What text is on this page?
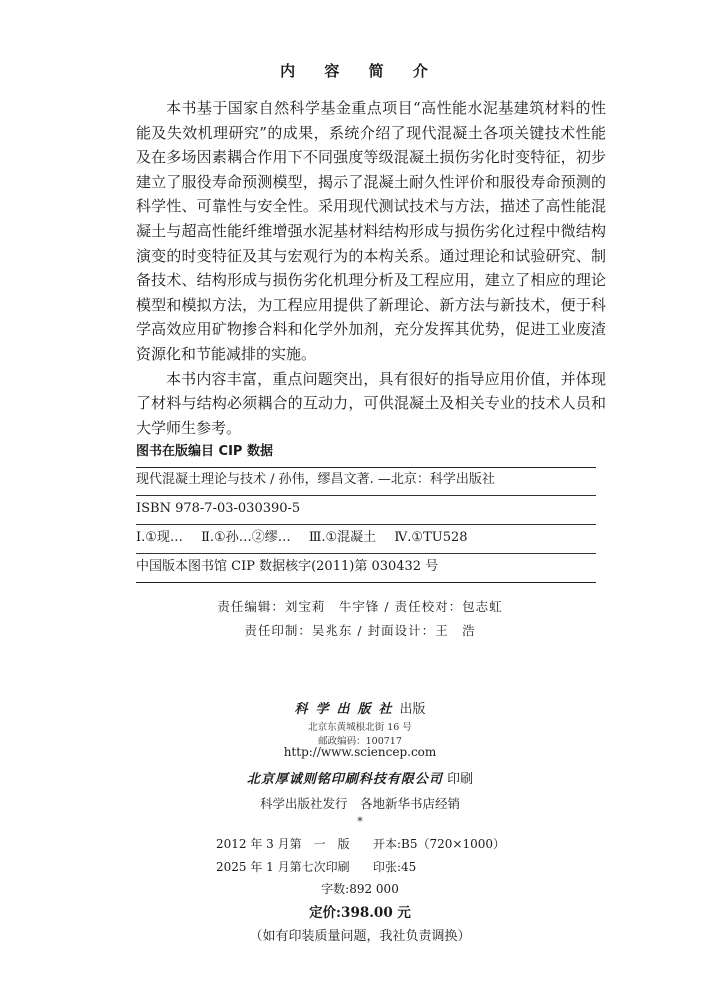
内 容 简 介

本书基于国家自然科学基金重点项目“高性能水泥基建筑材料的性能及失效机理研究”的成果，系统介绍了现代混凝土各项关键技术性能及在多场因素耦合作用下不同强度等级混凝土损伤劣化时变特征，初步建立了服役寿命预测模型，揭示了混凝土耐久性评价和服役寿命预测的科学性、可靠性与安全性。采用现代测试技术与方法，描述了高性能混凝土与超高性能纤维增强水泥基材料结构形成与损伤劣化过程中微结构演变的时变特征及其与宏观行为的本构关系。通过理论和试验研究、制备技术、结构形成与损伤劣化机理分析及工程应用，建立了相应的理论模型和模拟方法，为工程应用提供了新理论、新方法与新技术，便于科学高效应用矿物掺合料和化学外加剂，充分发挥其优势，促进工业废渣资源化和节能减排的实施。

本书内容丰富，重点问题突出，具有很好的指导应用价值，并体现了材料与结构必须耦合的互动力，可供混凝土及相关专业的技术人员和大学师生参考。

图书在版编目 CIP 数据
现代混凝土理论与技术 / 孙伟，缪昌文著. —北京：科学出版社
ISBN 978-7-03-030390-5
Ⅰ.①现… Ⅱ.①孙…②缪… Ⅲ.①混凝土 Ⅳ.①TU528
中国版本图书馆 CIP 数据核字(2011)第 030432 号
责任编辑：刘宝莉　牛宇锋 / 责任校对：包志虹
责任印制：吴兆东 / 封面设计：王　浩
科学出版社出版
北京东黄城根北街 16 号
邮政编码：100717
http://www.sciencep.com
北京厚诚则铭印刷科技有限公司 印刷
科学出版社发行　各地新华书店经销
*
2012 年 3 月第　一　版 开本:B5（720×1000）
2025 年 1 月第七次印刷 印张:45
字数:892 000
定价:398.00 元
（如有印装质量问题，我社负责调换）
